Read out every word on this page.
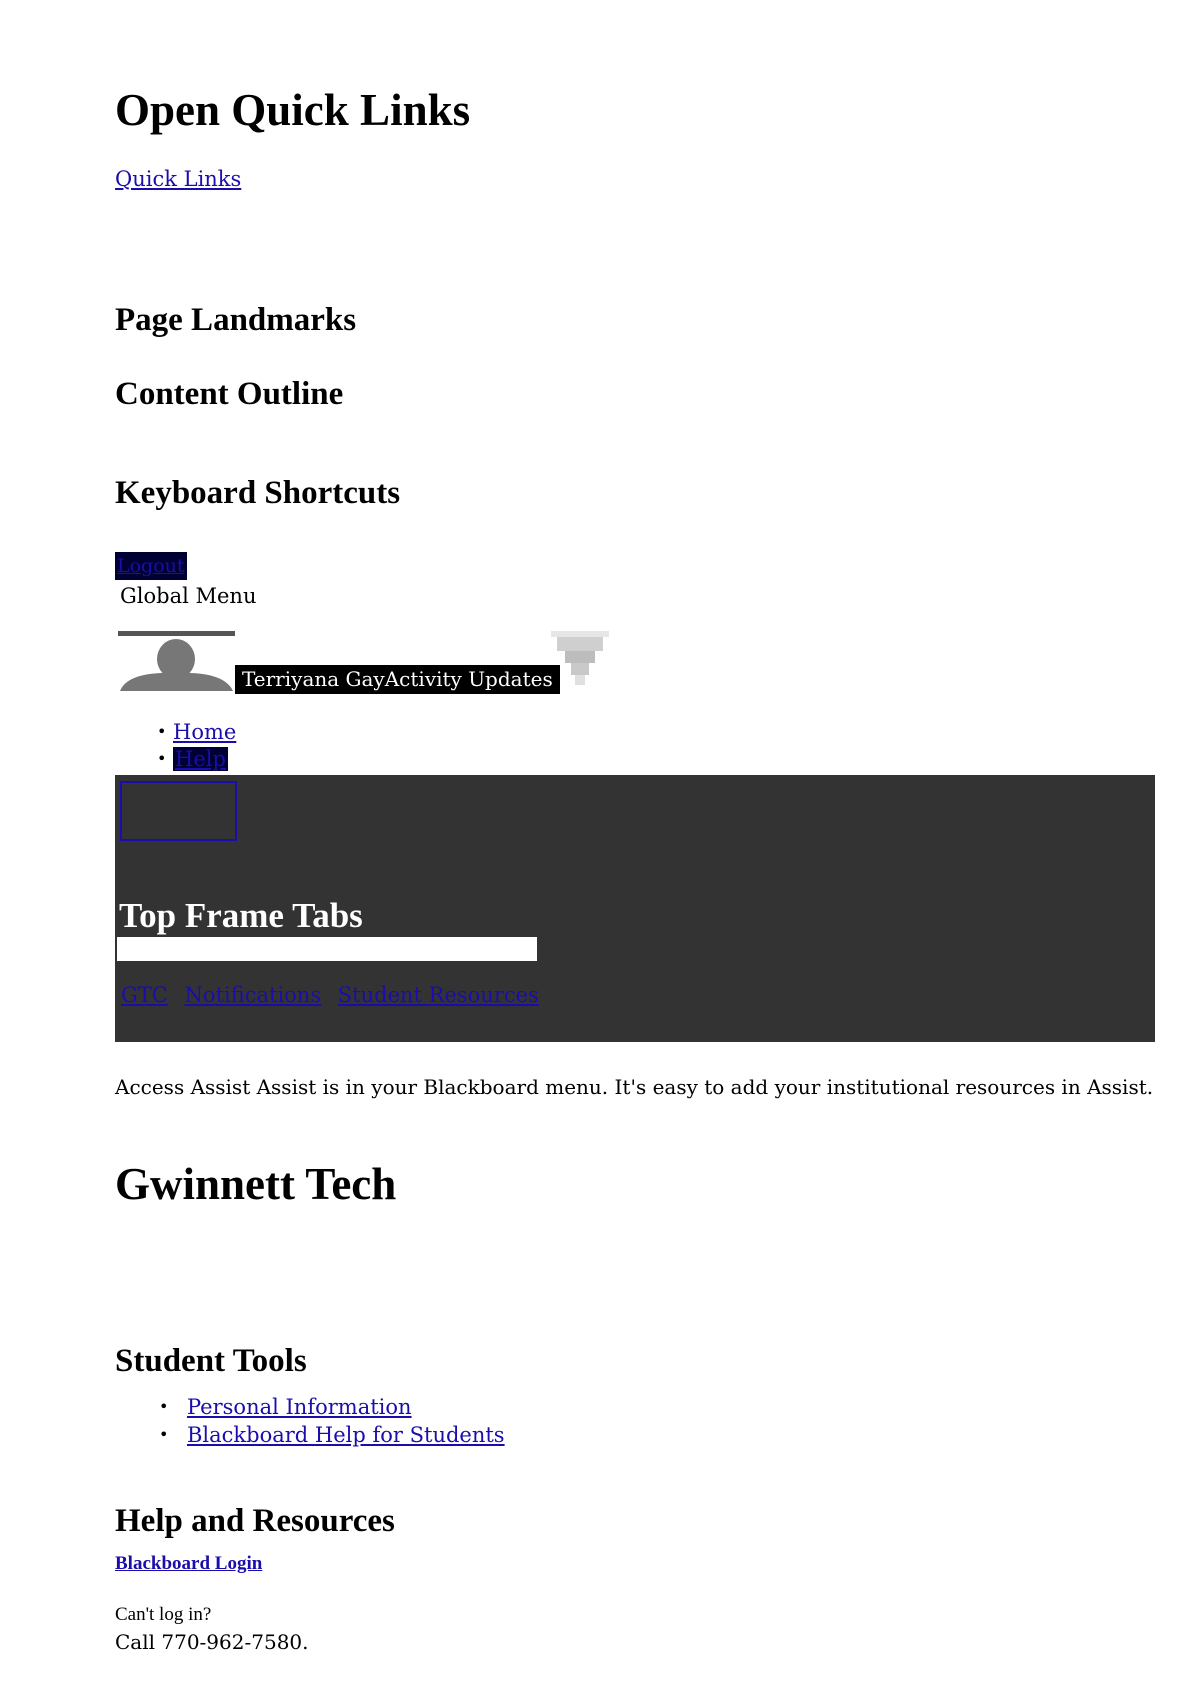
Open Quick Links
Quick Links
Page Landmarks
Content Outline
Keyboard Shortcuts
Logout
Global Menu
Terriyana GayActivity Updates
• Home
• Help
Top Frame Tabs
GTC Notifications Student Resources
Access Assist Assist is in your Blackboard menu. It's easy to add your institutional resources in Assist.
Gwinnett Tech
Student Tools
• Personal Information
• Blackboard Help for Students
Help and Resources
Blackboard Login
Can't log in?
Call 770-962-7580.
